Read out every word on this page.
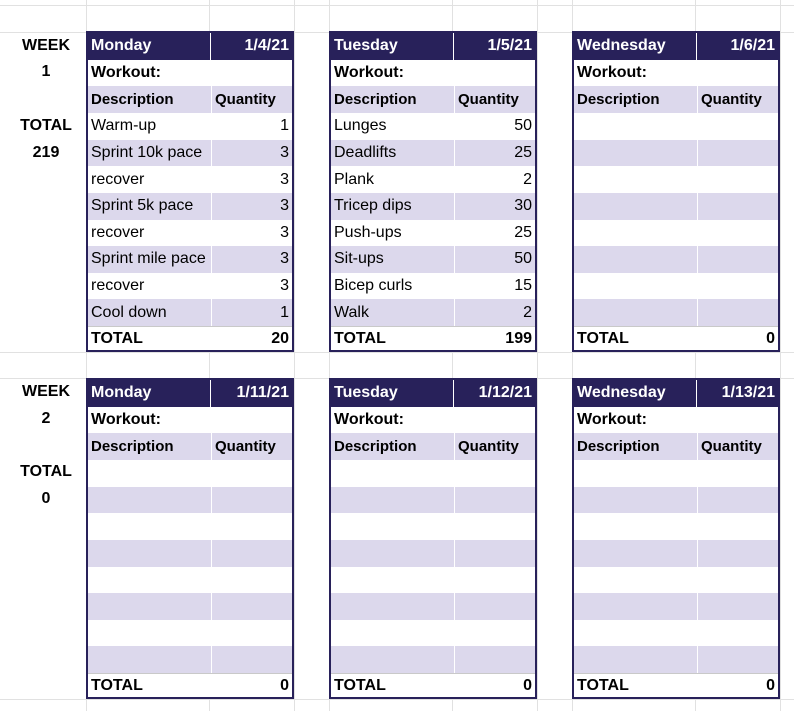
WEEK
1
TOTAL
219
WEEK
2
TOTAL
0
Monday	1/4/21
Workout:
Description	Quantity
Warm-up	1
Sprint 10k pace	3
recover	3
Sprint 5k pace	3
recover	3
Sprint mile pace	3
recover	3
Cool down	1
TOTAL	20
Tuesday	1/5/21
Workout:
Description	Quantity
Lunges	50
Deadlifts	25
Plank	2
Tricep dips	30
Push-ups	25
Sit-ups	50
Bicep curls	15
Walk	2
TOTAL	199
Wednesday	1/6/21
Workout:
Description	Quantity
TOTAL	0
Monday	1/11/21
Workout:
Description	Quantity
TOTAL	0
Tuesday	1/12/21
Workout:
Description	Quantity
TOTAL	0
Wednesday	1/13/21
Workout:
Description	Quantity
TOTAL	0
